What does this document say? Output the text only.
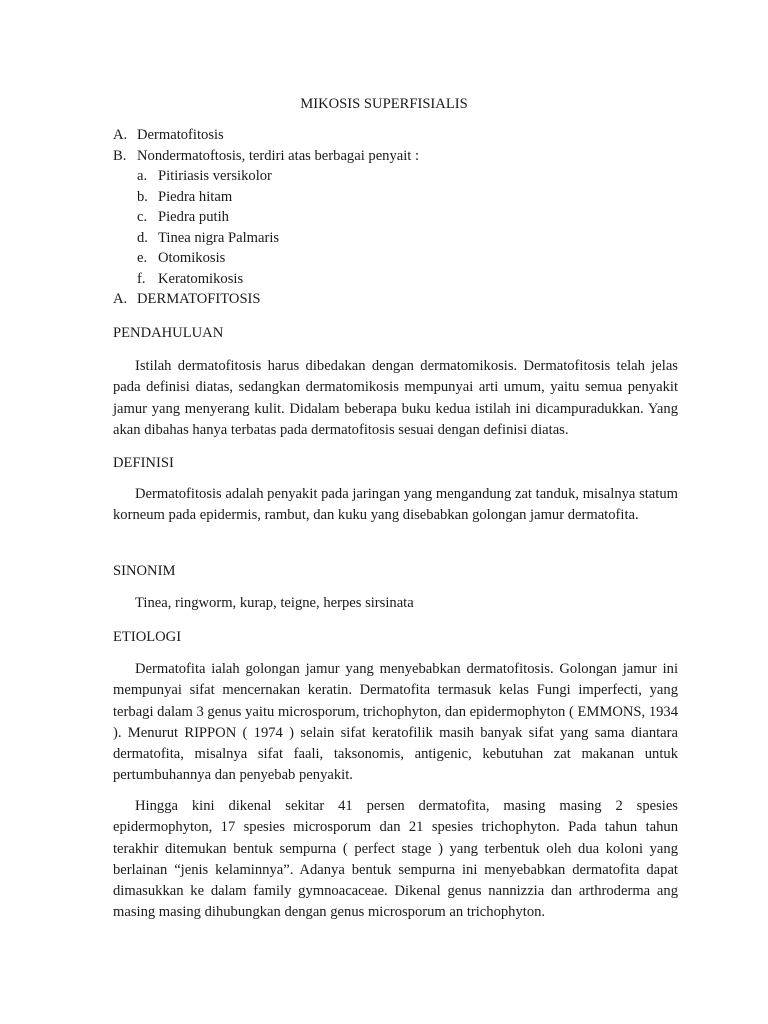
MIKOSIS SUPERFISIALIS
A. Dermatofitosis
B. Nondermatoftosis, terdiri atas berbagai penyait :
a. Pitiriasis versikolor
b. Piedra hitam
c. Piedra putih
d. Tinea nigra Palmaris
e. Otomikosis
f. Keratomikosis
A. DERMATOFITOSIS
PENDAHULUAN
Istilah dermatofitosis harus dibedakan dengan dermatomikosis. Dermatofitosis telah jelas pada definisi diatas, sedangkan dermatomikosis mempunyai arti umum, yaitu semua penyakit jamur yang menyerang kulit. Didalam beberapa buku kedua istilah ini dicampuradukkan. Yang akan dibahas hanya terbatas pada dermatofitosis sesuai dengan definisi diatas.
DEFINISI
Dermatofitosis adalah penyakit pada jaringan yang mengandung zat tanduk, misalnya statum korneum pada epidermis, rambut, dan kuku yang disebabkan golongan jamur dermatofita.
SINONIM
Tinea, ringworm, kurap, teigne, herpes sirsinata
ETIOLOGI
Dermatofita ialah golongan jamur yang menyebabkan dermatofitosis. Golongan jamur ini mempunyai sifat mencernakan keratin. Dermatofita termasuk kelas Fungi imperfecti, yang terbagi dalam 3 genus yaitu microsporum, trichophyton, dan epidermophyton ( EMMONS, 1934 ). Menurut RIPPON ( 1974 ) selain sifat keratofilik masih banyak sifat yang sama diantara dermatofita, misalnya sifat faali, taksonomis, antigenic, kebutuhan zat makanan untuk pertumbuhannya dan penyebab penyakit.
Hingga kini dikenal sekitar 41 persen dermatofita, masing masing 2 spesies epidermophyton, 17 spesies microsporum dan 21 spesies trichophyton. Pada tahun tahun terakhir ditemukan bentuk sempurna ( perfect stage ) yang terbentuk oleh dua koloni yang berlainan “jenis kelaminnya”. Adanya bentuk sempurna ini menyebabkan dermatofita dapat dimasukkan ke dalam family gymnoacaceae. Dikenal genus nannizzia dan arthroderma ang masing masing dihubungkan dengan genus microsporum an trichophyton.
